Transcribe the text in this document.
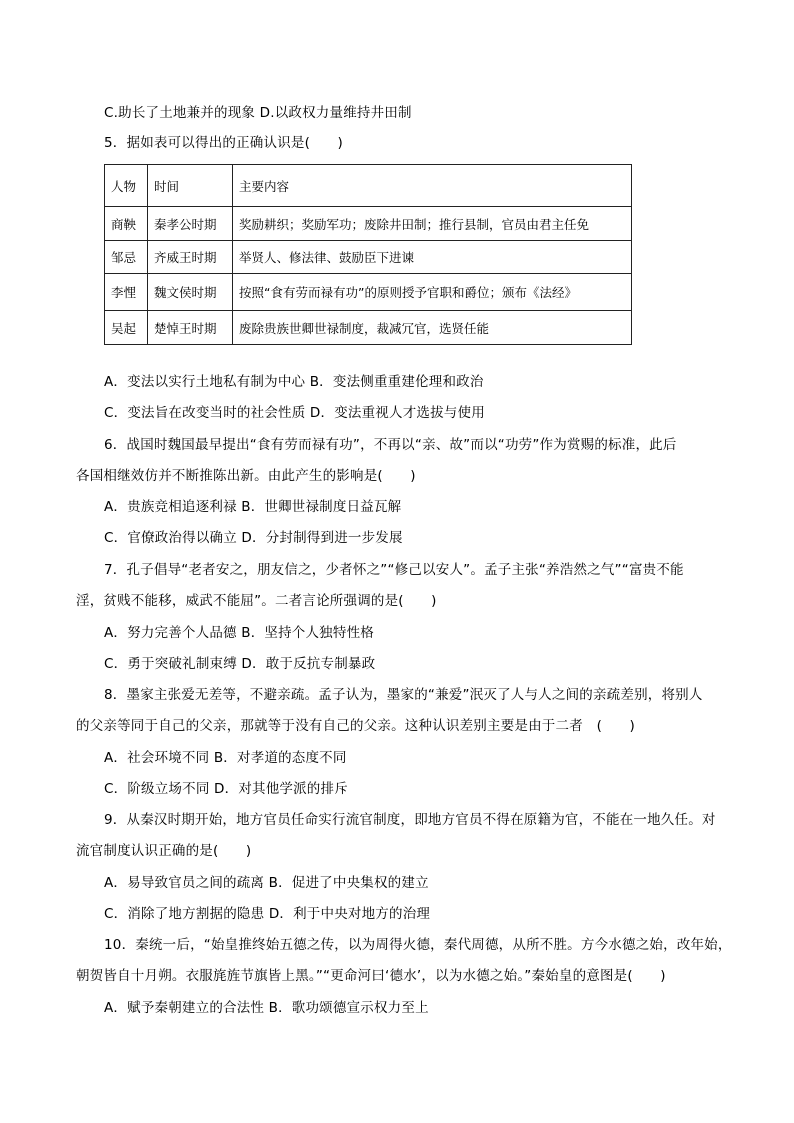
C.助长了土地兼并的现象 D.以政权力量维持井田制
5．据如表可以得出的正确认识是(　　)
人物	时间	主要内容
商鞅	秦孝公时期	奖励耕织；奖励军功；废除井田制；推行县制，官员由君主任免
邹忌	齐威王时期	举贤人、修法律、鼓励臣下进谏
李悝	魏文侯时期	按照“食有劳而禄有功”的原则授予官职和爵位；颁布《法经》
吴起	楚悼王时期	废除贵族世卿世禄制度，裁减冗官，选贤任能
A．变法以实行土地私有制为中心 B．变法侧重重建伦理和政治
C．变法旨在改变当时的社会性质 D．变法重视人才选拔与使用
6．战国时魏国最早提出“食有劳而禄有功”，不再以“亲、故”而以“功劳”作为赏赐的标准，此后
各国相继效仿并不断推陈出新。由此产生的影响是(　　)
A．贵族竞相追逐利禄 B．世卿世禄制度日益瓦解
C．官僚政治得以确立 D．分封制得到进一步发展
7．孔子倡导“老者安之，朋友信之，少者怀之”“修己以安人”。孟子主张“养浩然之气”“富贵不能
淫，贫贱不能移，威武不能屈”。二者言论所强调的是(　　)
A．努力完善个人品德 B．坚持个人独特性格
C．勇于突破礼制束缚 D．敢于反抗专制暴政
8．墨家主张爱无差等，不避亲疏。孟子认为，墨家的“兼爱”泯灭了人与人之间的亲疏差别，将别人
的父亲等同于自己的父亲，那就等于没有自己的父亲。这种认识差别主要是由于二者　(　　)
A．社会环境不同 B．对孝道的态度不同
C．阶级立场不同 D．对其他学派的排斥
9．从秦汉时期开始，地方官员任命实行流官制度，即地方官员不得在原籍为官，不能在一地久任。对
流官制度认识正确的是(　　)
A．易导致官员之间的疏离 B．促进了中央集权的建立
C．消除了地方割据的隐患 D．利于中央对地方的治理
10．秦统一后，“始皇推终始五德之传，以为周得火德，秦代周德，从所不胜。方今水德之始，改年始，
朝贺皆自十月朔。衣服旄旌节旗皆上黑。”“更命河曰‘德水’，以为水德之始。”秦始皇的意图是(　　)
A．赋予秦朝建立的合法性 B．歌功颂德宣示权力至上
